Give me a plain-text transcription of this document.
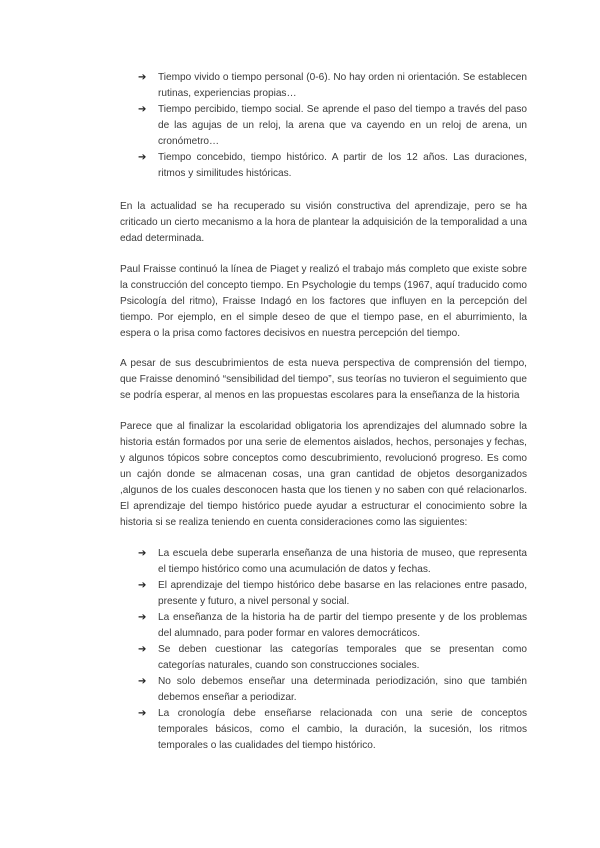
➔ Tiempo vivido o tiempo personal (0-6). No hay orden ni orientación. Se establecen rutinas, experiencias propias…
➔ Tiempo percibido, tiempo social. Se aprende el paso del tiempo a través del paso de las agujas de un reloj, la arena que va cayendo en un reloj de arena, un cronómetro…
➔ Tiempo concebido, tiempo histórico. A partir de los 12 años. Las duraciones, ritmos y similitudes históricas.

En la actualidad se ha recuperado su visión constructiva del aprendizaje, pero se ha criticado un cierto mecanismo a la hora de plantear la adquisición de la temporalidad a una edad determinada.

Paul Fraisse continuó la línea de Piaget y realizó el trabajo más completo que existe sobre la construcción del concepto tiempo. En Psychologie du temps (1967, aquí traducido como Psicología del ritmo), Fraisse Indagó en los factores que influyen en la percepción del tiempo. Por ejemplo, en el simple deseo de que el tiempo pase, en el aburrimiento, la espera o la prisa como factores decisivos en nuestra percepción del tiempo.

A pesar de sus descubrimientos de esta nueva perspectiva de comprensión del tiempo, que Fraisse denominó “sensibilidad del tiempo”, sus teorías no tuvieron el seguimiento que se podría esperar, al menos en las propuestas escolares para la enseñanza de la historia

Parece que al finalizar la escolaridad obligatoria los aprendizajes del alumnado sobre la historia están formados por una serie de elementos aislados, hechos, personajes y fechas, y algunos tópicos sobre conceptos como descubrimiento, revolucionó progreso. Es como un cajón donde se almacenan cosas, una gran cantidad de objetos desorganizados ,algunos de los cuales desconocen hasta que los tienen y no saben con qué relacionarlos. El aprendizaje del tiempo histórico puede ayudar a estructurar el conocimiento sobre la historia si se realiza teniendo en cuenta consideraciones como las siguientes:

➔ La escuela debe superarla enseñanza de una historia de museo, que representa el tiempo histórico como una acumulación de datos y fechas.
➔ El aprendizaje del tiempo histórico debe basarse en las relaciones entre pasado, presente y futuro, a nivel personal y social.
➔ La enseñanza de la historia ha de partir del tiempo presente y de los problemas del alumnado, para poder formar en valores democráticos.
➔ Se deben cuestionar las categorías temporales que se presentan como categorías naturales, cuando son construcciones sociales.
➔ No solo debemos enseñar una determinada periodización, sino que también debemos enseñar a periodizar.
➔ La cronología debe enseñarse relacionada con una serie de conceptos temporales básicos, como el cambio, la duración, la sucesión, los ritmos temporales o las cualidades del tiempo histórico.
